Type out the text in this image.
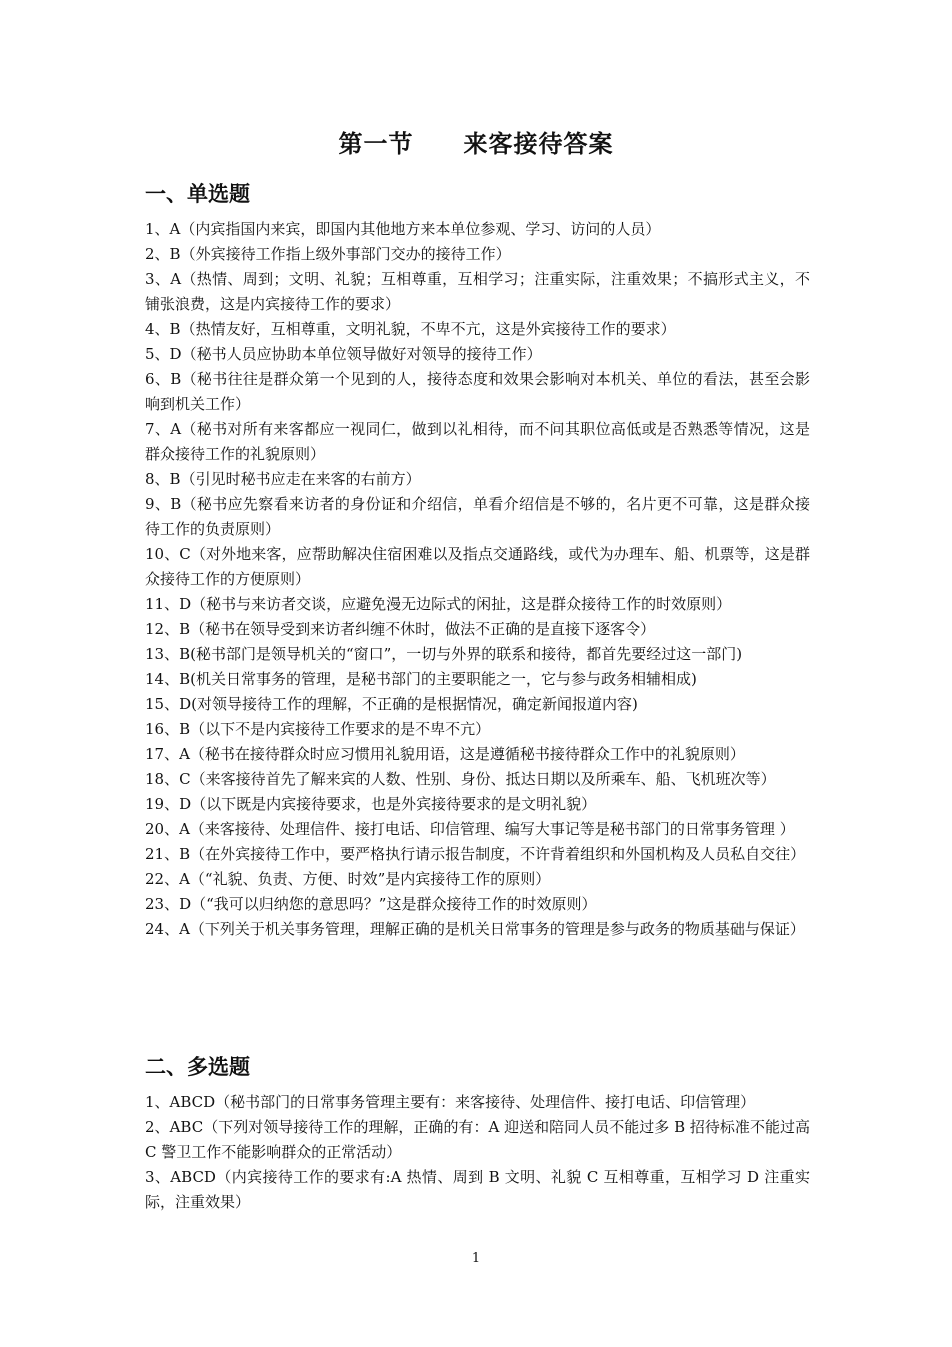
第一节　　来客接待答案
一、单选题

1、A（内宾指国内来宾，即国内其他地方来本单位参观、学习、访问的人员）

2、B（外宾接待工作指上级外事部门交办的接待工作）

3、A（热情、周到；文明、礼貌；互相尊重，互相学习；注重实际，注重效果；不搞形式主义，不铺张浪费，这是内宾接待工作的要求）

4、B（热情友好，互相尊重，文明礼貌，不卑不亢，这是外宾接待工作的要求）

5、D（秘书人员应协助本单位领导做好对领导的接待工作）

6、B（秘书往往是群众第一个见到的人，接待态度和效果会影响对本机关、单位的看法，甚至会影响到机关工作）

7、A（秘书对所有来客都应一视同仁，做到以礼相待，而不问其职位高低或是否熟悉等情况，这是群众接待工作的礼貌原则）

8、B（引见时秘书应走在来客的右前方）

9、B（秘书应先察看来访者的身份证和介绍信，单看介绍信是不够的，名片更不可靠，这是群众接待工作的负责原则）

10、C（对外地来客，应帮助解决住宿困难以及指点交通路线，或代为办理车、船、机票等，这是群众接待工作的方便原则）

11、D（秘书与来访者交谈，应避免漫无边际式的闲扯，这是群众接待工作的时效原则）

12、B（秘书在领导受到来访者纠缠不休时，做法不正确的是直接下逐客令）

13、B(秘书部门是领导机关的“窗口”，一切与外界的联系和接待，都首先要经过这一部门)

14、B(机关日常事务的管理，是秘书部门的主要职能之一，它与参与政务相辅相成)

15、D(对领导接待工作的理解，不正确的是根据情况，确定新闻报道内容)

16、B（以下不是内宾接待工作要求的是不卑不亢）

17、A（秘书在接待群众时应习惯用礼貌用语，这是遵循秘书接待群众工作中的礼貌原则）

18、C（来客接待首先了解来宾的人数、性别、身份、抵达日期以及所乘车、船、飞机班次等）

19、D（以下既是内宾接待要求，也是外宾接待要求的是文明礼貌）

20、A（来客接待、处理信件、接打电话、印信管理、编写大事记等是秘书部门的日常事务管理 ）

21、B（在外宾接待工作中，要严格执行请示报告制度，不许背着组织和外国机构及人员私自交往）

22、A（“礼貌、负责、方便、时效”是内宾接待工作的原则）

23、D（“我可以归纳您的意思吗？”这是群众接待工作的时效原则）

24、A（下列关于机关事务管理，理解正确的是机关日常事务的管理是参与政务的物质基础与保证）

二、多选题

1、ABCD（秘书部门的日常事务管理主要有：来客接待、处理信件、接打电话、印信管理）

2、ABC（下列对领导接待工作的理解，正确的有：A 迎送和陪同人员不能过多 B 招待标准不能过高 C 警卫工作不能影响群众的正常活动）

3、ABCD（内宾接待工作的要求有:A 热情、周到 B 文明、礼貌 C 互相尊重，互相学习 D 注重实际，注重效果）

1
